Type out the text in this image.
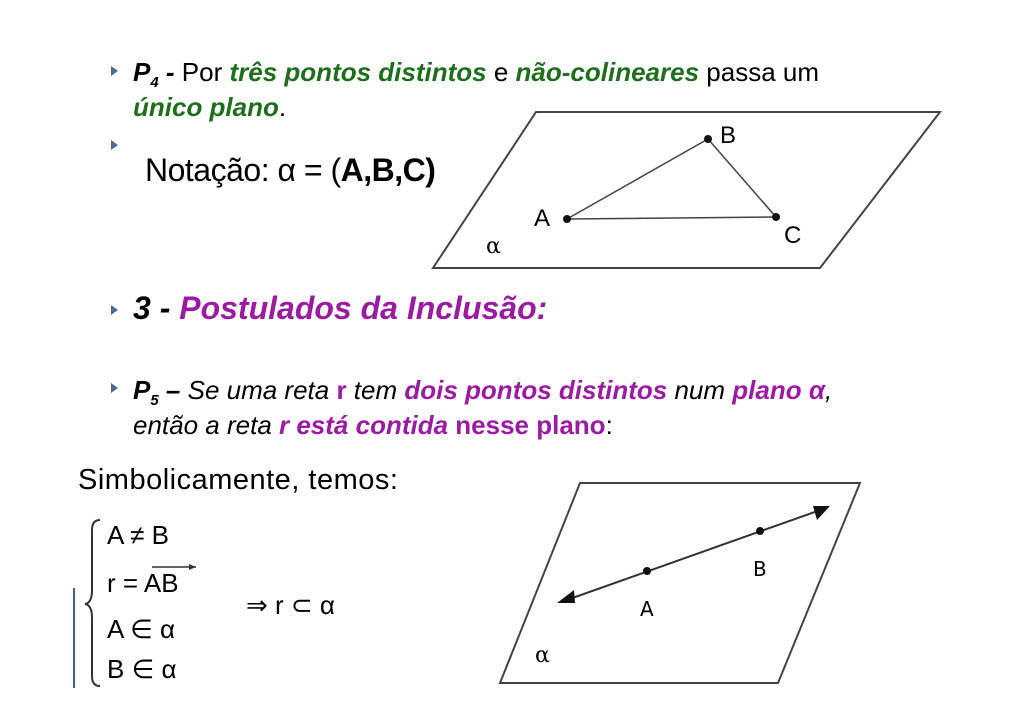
$P_4$ - Por três pontos distintos e não-colineares passa um
único plano.
Notação: α = (A,B,C)
3 - Postulados da Inclusão:
$P_5$ – Se uma reta r tem dois pontos distintos num plano α,
então a reta r está contida nesse plano:
Simbolicamente, temos:
A
B
C
α
A
B
α
A ≠ B
r = AB
A ∈ α
B ∈ α
⇒ r ⊂ α
